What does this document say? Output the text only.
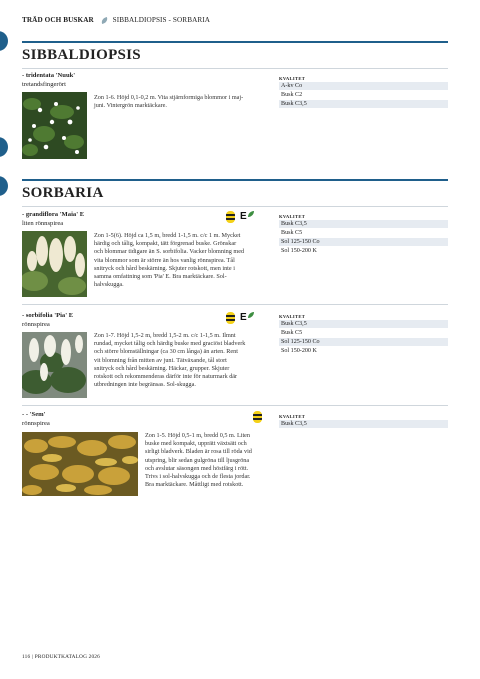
TRÄD OCH BUSKAR	SIBBALDIOPSIS - SORBARIA
SIBBALDIOPSIS
- tridentata 'Nuuk'
tretandsfingerört
Zon 1-6. Höjd 0,1-0,2 m. Vita stjärnformiga blommor i maj-
juni. Vintergrön marktäckare.
KVALITET
A-kv Co
Busk C2
Busk C3,5
SORBARIA
- grandiflora 'Maia' E
liten rönnspirea
E
Zon 1-5(6). Höjd ca 1,5 m, bredd 1-1,5 m. c/c 1 m. Mycket
härdig och tålig, kompakt, tätt förgrenad buske. Grönskar
och blommar tidigare än S. sorbifolia. Vacker blomning med
vita blommor som är större än hos vanlig rönnspirea. Tål
snitryck och hård beskärning. Skjuter rotskott, men inte i
samma omfattning som 'Pia' E. Bra marktäckare. Sol-
halvskugga.
KVALITET
Busk C3,5
Busk C5
Sol 125-150 Co
Sol 150-200 K
- sorbifolia 'Pia' E
rönnspirea
E
Zon 1-7. Höjd 1,5-2 m, bredd 1,5-2 m. c/c 1-1,5 m. Ilmnt
rundad, mycket tålig och härdig buske med graciöst bladverk
och större blomställningar (ca 30 cm långa) än arten. Rent
vit blomning från mitten av juni. Tätväxande, tål stort
snitryck och hård beskärning. Häckar, grupper. Skjuter
rotskott och rekommenderas därför inte för naturmark där
utbredningen inte begränsas. Sol-skugga.
KVALITET
Busk C3,5
Busk C5
Sol 125-150 Co
Sol 150-200 K
- - 'Sem'
rönnspirea
Zon 1-5. Höjd 0,5-1 m, bredd 0,5 m. Liten
buske med kompakt, upprätt växtsätt och
sirligt bladverk. Bladen är rosa till röda vid
utspring, blir sedan gulgröna till ljusgröna
och avslutar säsongen med höstfärg i rött.
Trivs i sol-halvskugga och de flesta jordar.
Bra marktäckare. Måttligt med rotskott.
KVALITET
Busk C3,5
116 | PRODUKTKATALOG 2026
